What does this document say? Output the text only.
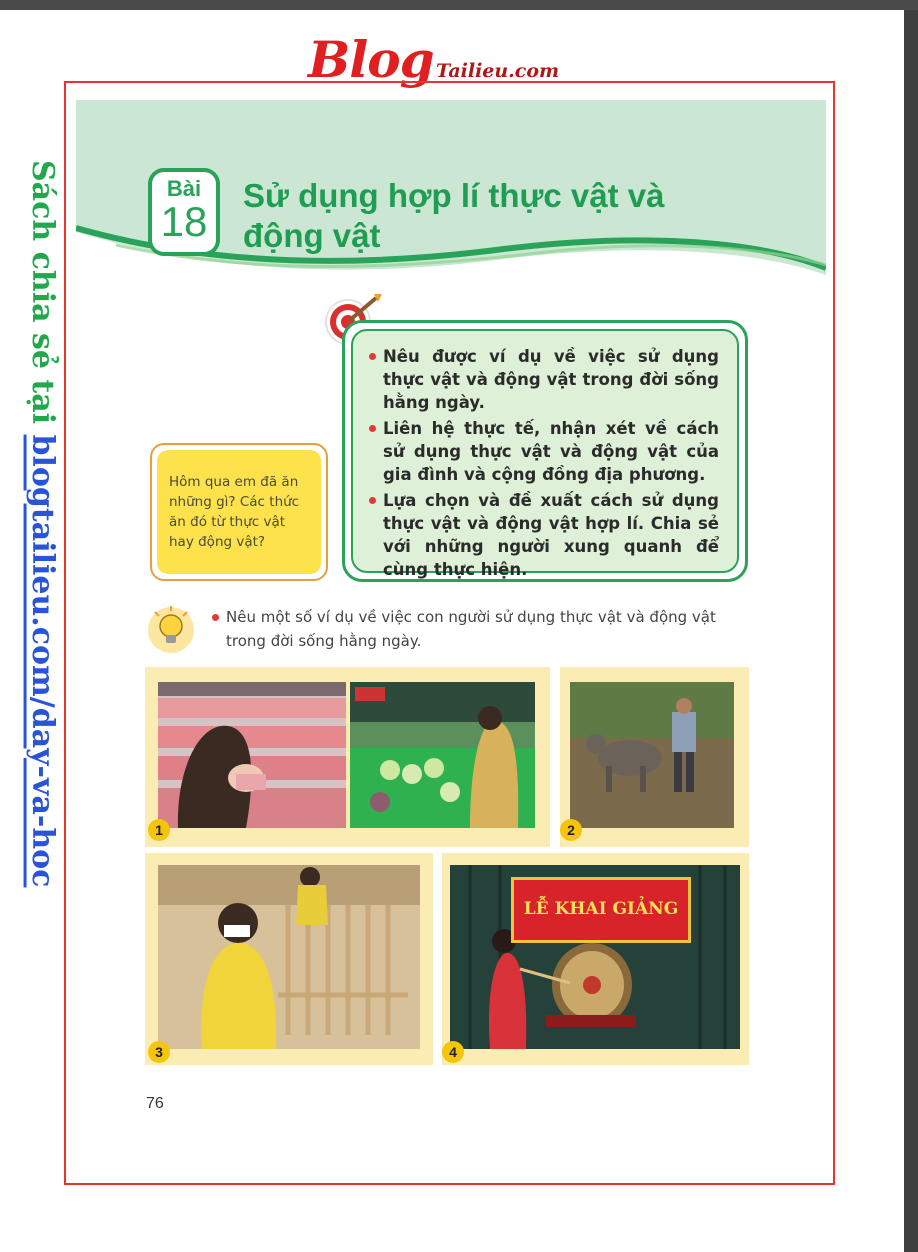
Blog Tailieu.com
Sách chia sẻ tại blogtailieu.com/day-va-hoc
Bài
18
Sử dụng hợp lí thực vật và động vật
Nêu được ví dụ về việc sử dụng thực vật và động vật trong đời sống hằng ngày.
Liên hệ thực tế, nhận xét về cách sử dụng thực vật và động vật của gia đình và cộng đồng địa phương.
Lựa chọn và đề xuất cách sử dụng thực vật và động vật hợp lí. Chia sẻ với những người xung quanh để cùng thực hiện.
Hôm qua em đã ăn những gì? Các thức ăn đó từ thực vật hay động vật?
Nêu một số ví dụ về việc con người sử dụng thực vật và động vật trong đời sống hằng ngày.
1	2
3
LỄ KHAI GIẢNG
4
76
